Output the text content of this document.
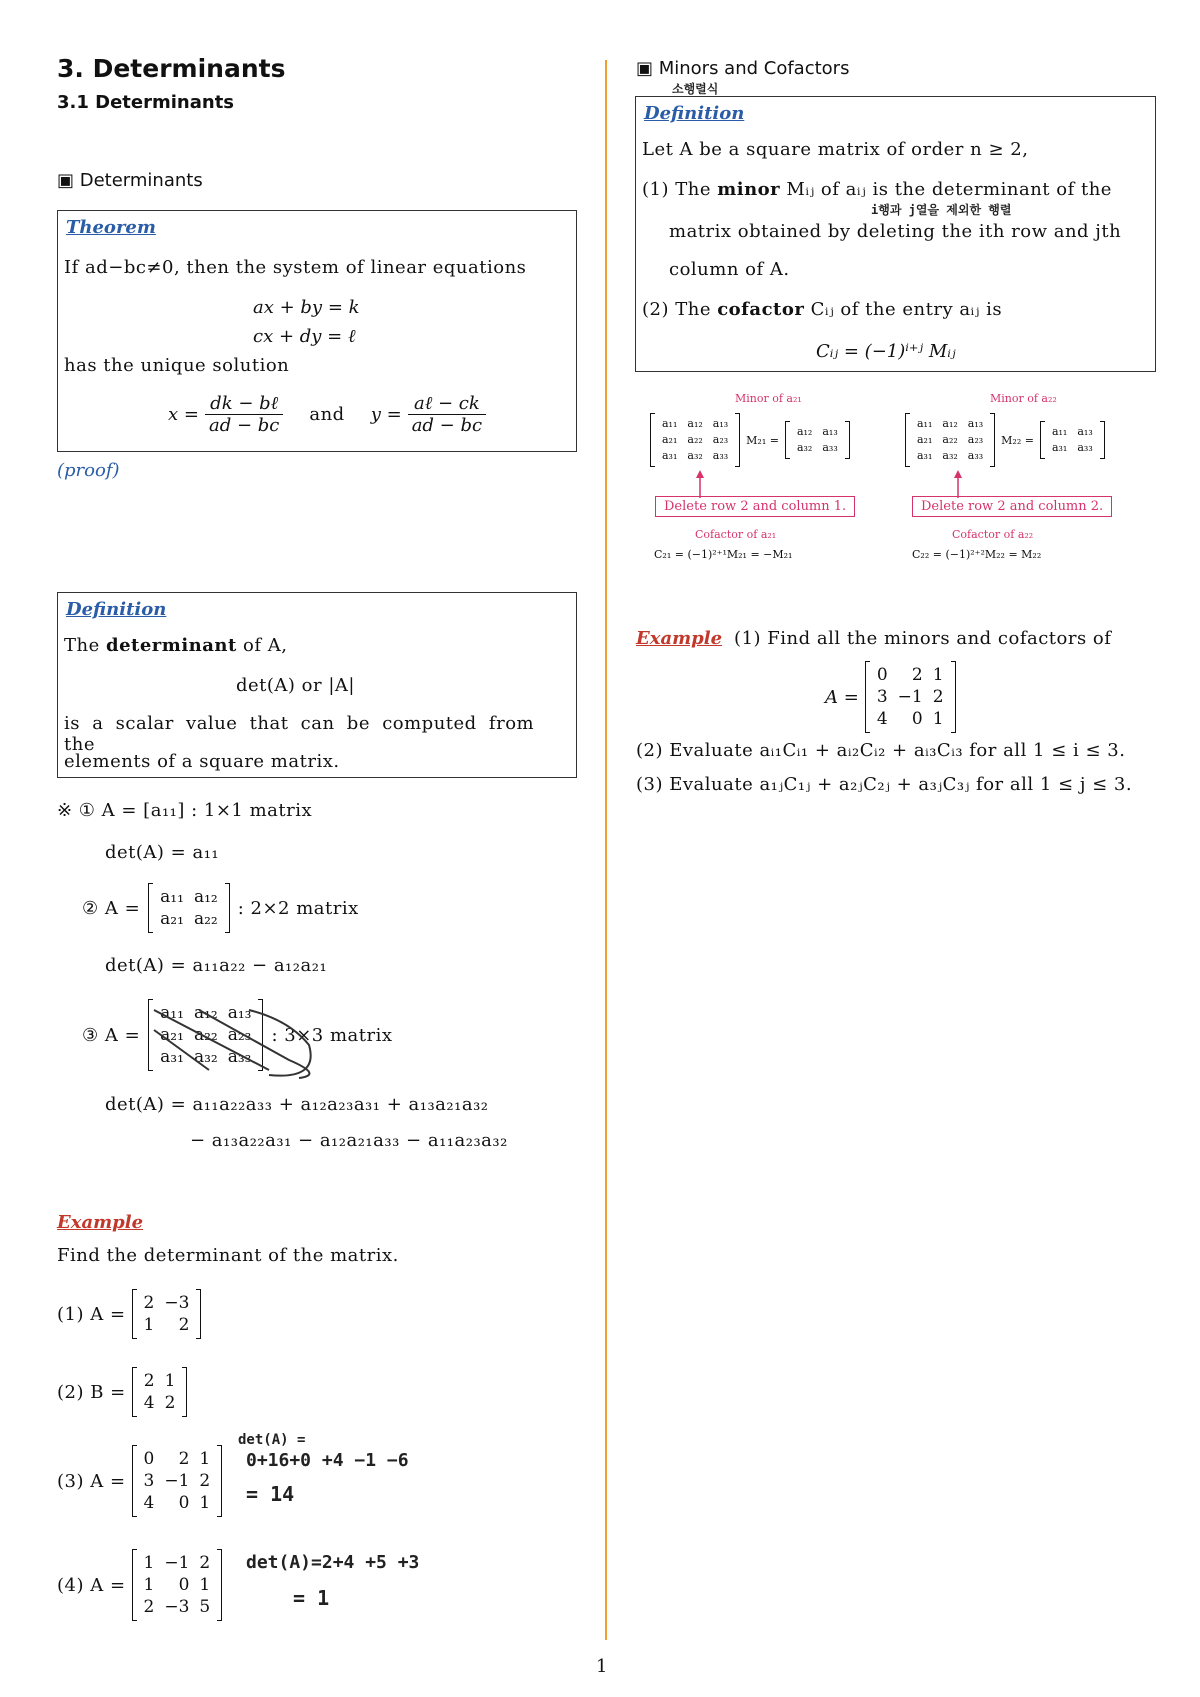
3. Determinants
3.1 Determinants
▣ Determinants
Theorem
If ad−bc≠0, then the system of linear equations
ax + by = k
cx + dy = ℓ
has the unique solution
$x = \frac{\text{dk − bℓ}}{ad - bc}$ and $y = \frac{\text{aℓ − ck}}{ad - bc}$
(proof)
Definition
The determinant of A,
det(A) or |A|
is a scalar value that can be computed from the
elements of a square matrix.
※ ① A = [a₁₁] : 1×1 matrix
det(A) = a₁₁
② A =
a₁₁	a₁₂
a₂₁	a₂₂
: 2×2 matrix
det(A) = a₁₁a₂₂ − a₁₂a₂₁
③ A =
a₁₁	a₁₂	a₁₃
a₂₁	a₂₂	a₂₃
a₃₁	a₃₂	a₃₃
: 3×3 matrix
det(A) = a₁₁a₂₂a₃₃ + a₁₂a₂₃a₃₁ + a₁₃a₂₁a₃₂
− a₁₃a₂₂a₃₁ − a₁₂a₂₁a₃₃ − a₁₁a₂₃a₃₂
Example
Find the determinant of the matrix.
(1) A =
2	−3
1	2
(2) B =
2	1
4	2
(3) A =
0	2	1
3	−1	2
4	0	1
det(A) =
0+16+0 +4 −1 −6
= 14
(4) A =
1	−1	2
1	0	1
2	−3	5
det(A)=2+4 +5 +3
= 1
▣ Minors and Cofactors
소행렬식
Definition
Let A be a square matrix of order n ≥ 2,
(1) The minor Mᵢⱼ of aᵢⱼ is the determinant of the
i행과 j열을 제외한 행렬
matrix obtained by deleting the ith row and jth
column of A.
(2) The cofactor Cᵢⱼ of the entry aᵢⱼ is
Cᵢⱼ = (−1)ⁱ⁺ʲ Mᵢⱼ
Minor of a₂₁
a₁₁	a₁₂	a₁₃
a₂₁	a₂₂	a₂₃
a₃₁	a₃₂	a₃₃
M₂₁ =
a₁₂	a₁₃
a₃₂	a₃₃
Delete row 2 and column 1.
Cofactor of a₂₁
C₂₁ = (−1)²⁺¹M₂₁ = −M₂₁
Minor of a₂₂
a₁₁	a₁₂	a₁₃
a₂₁	a₂₂	a₂₃
a₃₁	a₃₂	a₃₃
M₂₂ =
a₁₁	a₁₃
a₃₁	a₃₃
Delete row 2 and column 2.
Cofactor of a₂₂
C₂₂ = (−1)²⁺²M₂₂ = M₂₂
Example (1) Find all the minors and cofactors of
A =
0	2	1
3	−1	2
4	0	1
(2) Evaluate aᵢ₁Cᵢ₁ + aᵢ₂Cᵢ₂ + aᵢ₃Cᵢ₃ for all 1 ≤ i ≤ 3.
(3) Evaluate a₁ⱼC₁ⱼ + a₂ⱼC₂ⱼ + a₃ⱼC₃ⱼ for all 1 ≤ j ≤ 3.
1
